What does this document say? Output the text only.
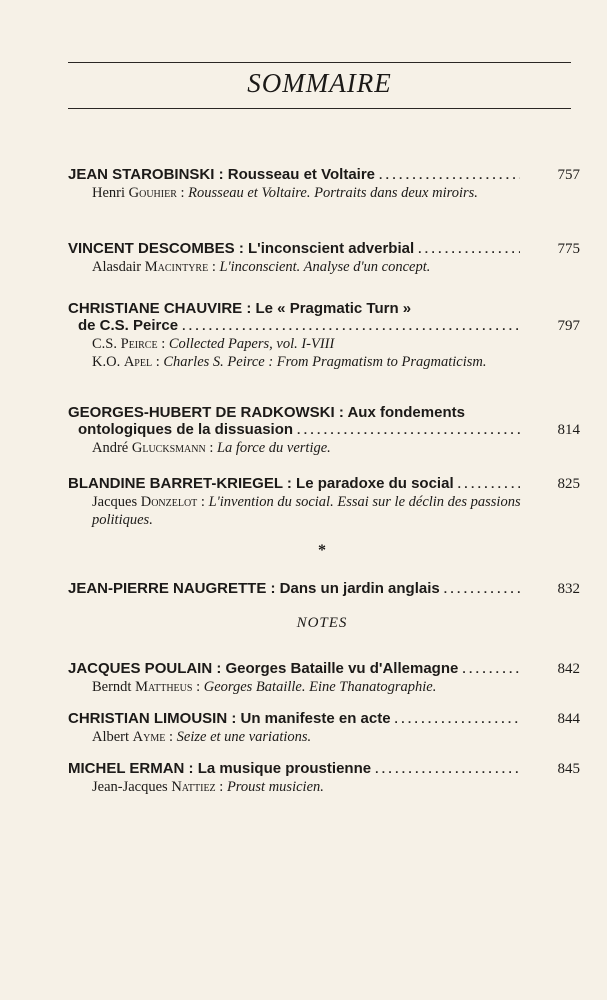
SOMMAIRE
JEAN STAROBINSKI : Rousseau et Voltaire . . .	757
Henri Gouhier : Rousseau et Voltaire. Portraits dans deux miroirs.
VINCENT DESCOMBES : L'inconscient adverbial . . .	775
Alasdair Macintyre : L'inconscient. Analyse d'un concept.
CHRISTIANE CHAUVIRE : Le « Pragmatic Turn »
de C.S. Peirce . . .	797
C.S. Peirce : Collected Papers, vol. I-VIII
K.O. Apel : Charles S. Peirce : From Pragmatism to Pragmaticism.
GEORGES-HUBERT DE RADKOWSKI : Aux fondements
ontologiques de la dissuasion . . .	814
André Glucksmann : La force du vertige.
BLANDINE BARRET-KRIEGEL : Le paradoxe du social . . .	825
Jacques Donzelot : L'invention du social. Essai sur le déclin des passions politiques.
*
JEAN-PIERRE NAUGRETTE : Dans un jardin anglais . . .	832
NOTES
JACQUES POULAIN : Georges Bataille vu d'Allemagne . . .	842
Berndt Mattheus : Georges Bataille. Eine Thanatographie.
CHRISTIAN LIMOUSIN : Un manifeste en acte . . .	844
Albert Ayme : Seize et une variations.
MICHEL ERMAN : La musique proustienne . . .	845
Jean-Jacques Nattiez : Proust musicien.
